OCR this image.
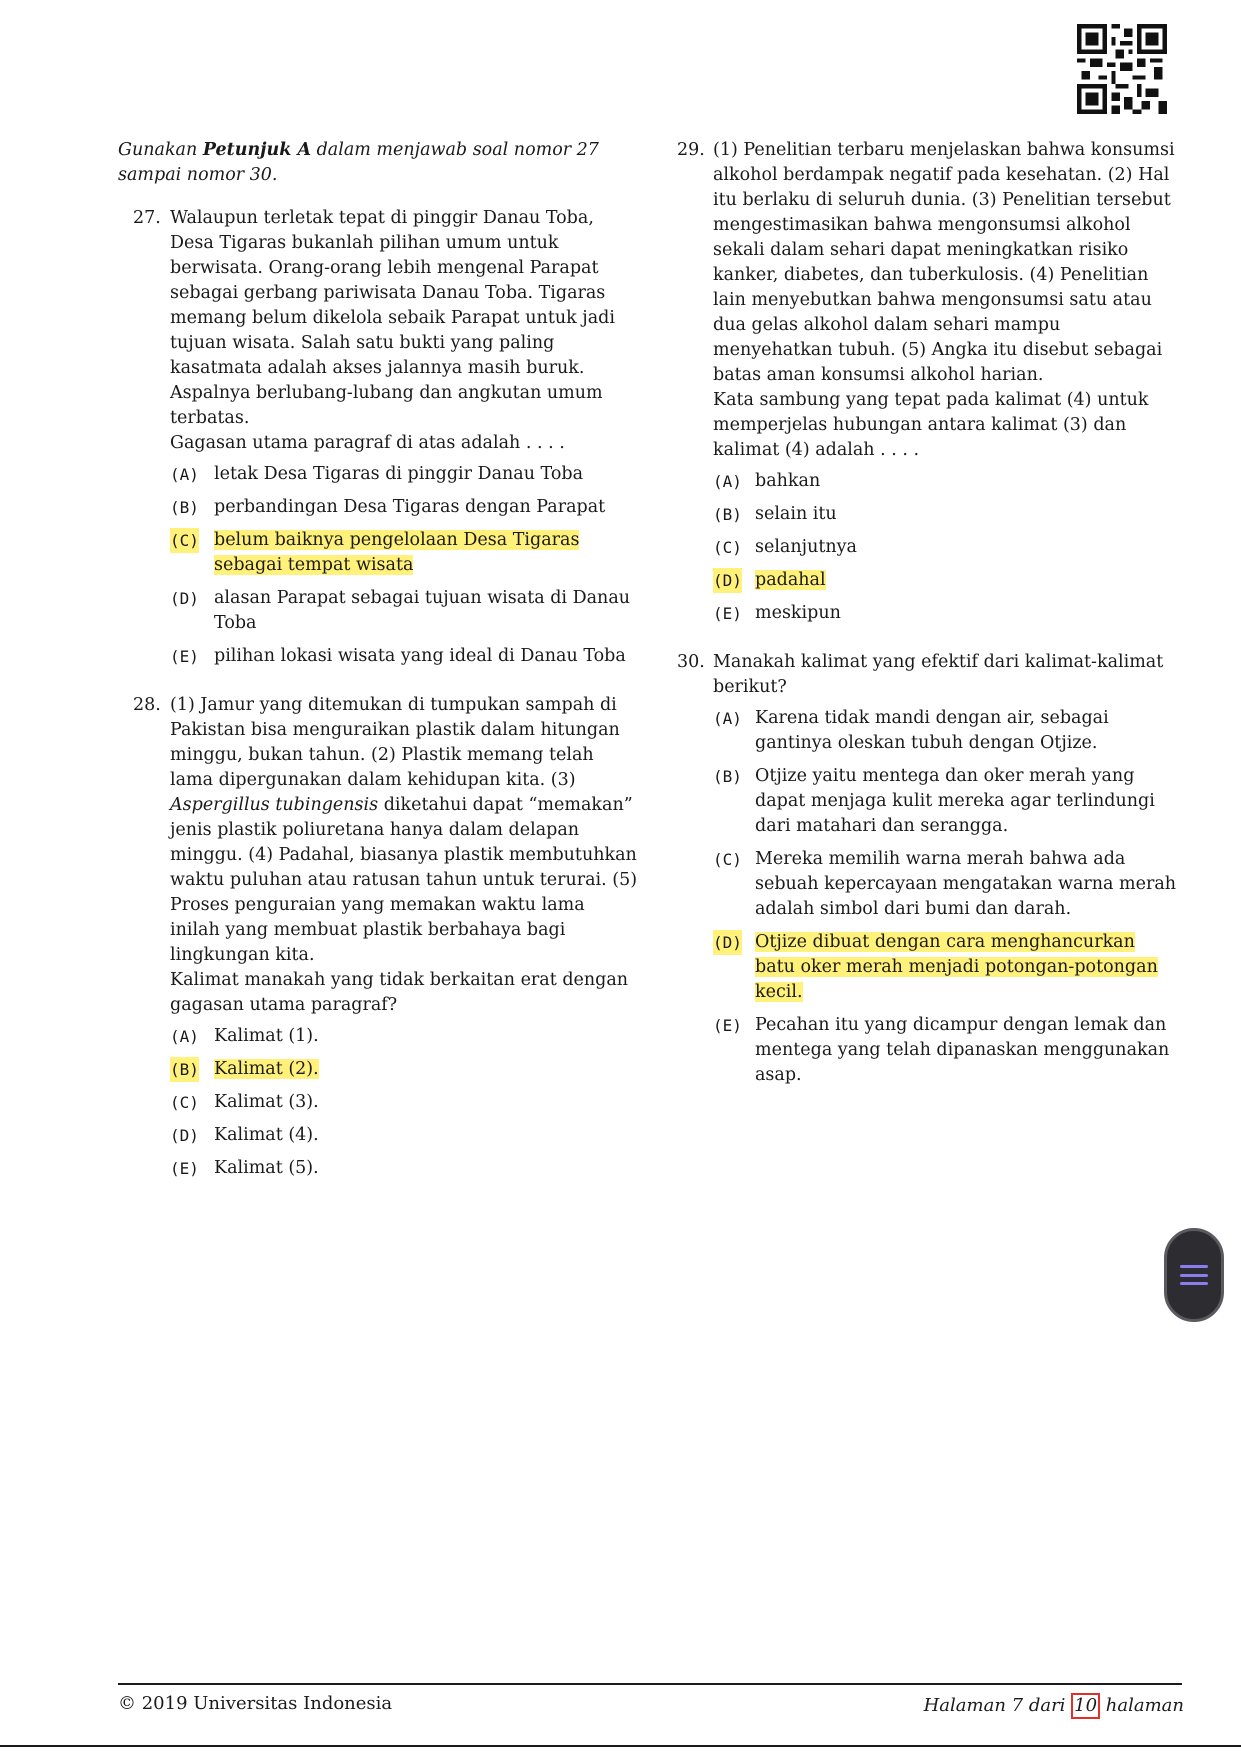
Gunakan Petunjuk A dalam menjawab soal nomor 27 sampai nomor 30.

27. Walaupun terletak tepat di pinggir Danau Toba, Desa Tigaras bukanlah pilihan umum untuk berwisata. Orang-orang lebih mengenal Parapat sebagai gerbang pariwisata Danau Toba. Tigaras memang belum dikelola sebaik Parapat untuk jadi tujuan wisata. Salah satu bukti yang paling kasatmata adalah akses jalannya masih buruk. Aspalnya berlubang-lubang dan angkutan umum terbatas.

Gagasan utama paragraf di atas adalah . . . .

(A) letak Desa Tigaras di pinggir Danau Toba
(B) perbandingan Desa Tigaras dengan Parapat
(C) belum baiknya pengelolaan Desa Tigaras sebagai tempat wisata
(D) alasan Parapat sebagai tujuan wisata di Danau Toba
(E) pilihan lokasi wisata yang ideal di Danau Toba
28. (1) Jamur yang ditemukan di tumpukan sampah di Pakistan bisa menguraikan plastik dalam hitungan minggu, bukan tahun. (2) Plastik memang telah lama dipergunakan dalam kehidupan kita. (3) Aspergillus tubingensis diketahui dapat “memakan” jenis plastik poliuretana hanya dalam delapan minggu. (4) Padahal, biasanya plastik membutuhkan waktu puluhan atau ratusan tahun untuk terurai. (5) Proses penguraian yang memakan waktu lama inilah yang membuat plastik berbahaya bagi lingkungan kita.

Kalimat manakah yang tidak berkaitan erat dengan gagasan utama paragraf?

(A) Kalimat (1).
(B) Kalimat (2).
(C) Kalimat (3).
(D) Kalimat (4).
(E) Kalimat (5).
29. (1) Penelitian terbaru menjelaskan bahwa konsumsi alkohol berdampak negatif pada kesehatan. (2) Hal itu berlaku di seluruh dunia. (3) Penelitian tersebut mengestimasikan bahwa mengonsumsi alkohol sekali dalam sehari dapat meningkatkan risiko kanker, diabetes, dan tuberkulosis. (4) Penelitian lain menyebutkan bahwa mengonsumsi satu atau dua gelas alkohol dalam sehari mampu menyehatkan tubuh. (5) Angka itu disebut sebagai batas aman konsumsi alkohol harian.

Kata sambung yang tepat pada kalimat (4) untuk memperjelas hubungan antara kalimat (3) dan kalimat (4) adalah . . . .

(A) bahkan
(B) selain itu
(C) selanjutnya
(D) padahal
(E) meskipun
30. Manakah kalimat yang efektif dari kalimat-kalimat berikut?

(A) Karena tidak mandi dengan air, sebagai gantinya oleskan tubuh dengan Otjize.
(B) Otjize yaitu mentega dan oker merah yang dapat menjaga kulit mereka agar terlindungi dari matahari dan serangga.
(C) Mereka memilih warna merah bahwa ada sebuah kepercayaan mengatakan warna merah adalah simbol dari bumi dan darah.
(D) Otjize dibuat dengan cara menghancurkan batu oker merah menjadi potongan-potongan kecil.
(E) Pecahan itu yang dicampur dengan lemak dan mentega yang telah dipanaskan menggunakan asap.
© 2019 Universitas Indonesia	Halaman 7 dari 10 halaman
